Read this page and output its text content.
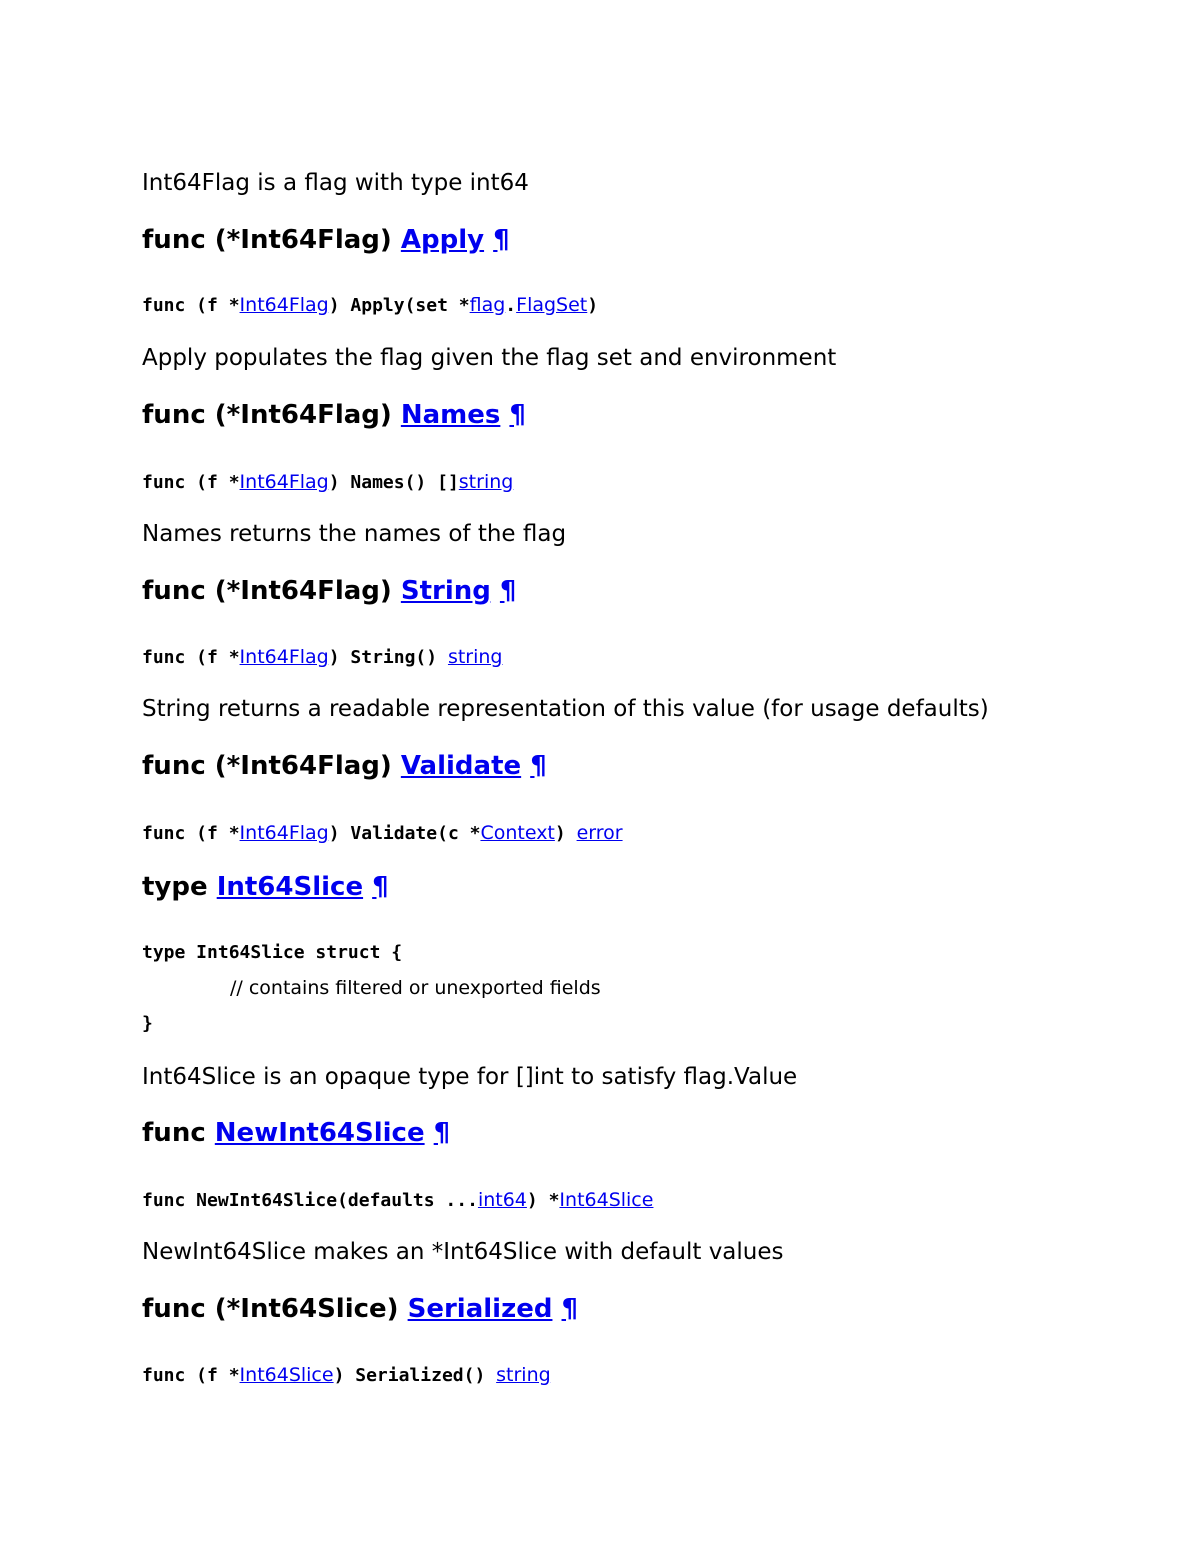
Int64Flag is a flag with type int64
func (*Int64Flag) Apply ¶
func (f *Int64Flag) Apply(set *flag.FlagSet)
Apply populates the flag given the flag set and environment
func (*Int64Flag) Names ¶
func (f *Int64Flag) Names() []string
Names returns the names of the flag
func (*Int64Flag) String ¶
func (f *Int64Flag) String() string
String returns a readable representation of this value (for usage defaults)
func (*Int64Flag) Validate ¶
func (f *Int64Flag) Validate(c *Context) error
type Int64Slice ¶
type Int64Slice struct {
// contains filtered or unexported fields
}
Int64Slice is an opaque type for []int to satisfy flag.Value
func NewInt64Slice ¶
func NewInt64Slice(defaults ...int64) *Int64Slice
NewInt64Slice makes an *Int64Slice with default values
func (*Int64Slice) Serialized ¶
func (f *Int64Slice) Serialized() string
